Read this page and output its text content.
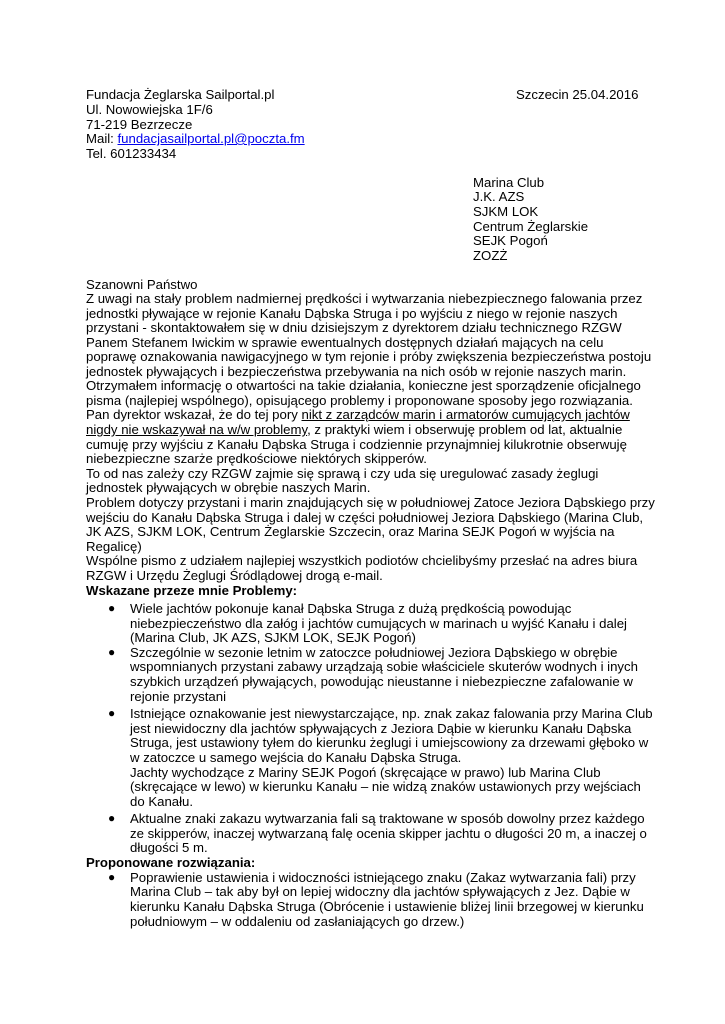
Fundacja Żeglarska Sailportal.pl
Ul. Nowowiejska 1F/6
71-219 Bezrzecze
Mail: fundacjasailportal.pl@poczta.fm
Tel. 601233434
Szczecin 25.04.2016
Marina Club
J.K. AZS
SJKM LOK
Centrum Żeglarskie
SEJK Pogoń
ZOZŻ
Szanowni Państwo
Z uwagi na stały problem nadmiernej prędkości i wytwarzania niebezpiecznego falowania przez
jednostki pływające w rejonie Kanału Dąbska Struga i po wyjściu z niego w rejonie naszych
przystani - skontaktowałem się w dniu dzisiejszym z dyrektorem działu technicznego RZGW
Panem Stefanem Iwickim w sprawie ewentualnych dostępnych działań mających na celu
poprawę oznakowania nawigacyjnego w tym rejonie i próby zwiększenia bezpieczeństwa postoju
jednostek pływających i bezpieczeństwa przebywania na nich osób w rejonie naszych marin.
Otrzymałem informację o otwartości na takie działania, konieczne jest sporządzenie oficjalnego
pisma (najlepiej wspólnego), opisującego problemy i proponowane sposoby jego rozwiązania.
Pan dyrektor wskazał, że do tej pory nikt z zarządców marin i armatorów cumujących jachtów
nigdy nie wskazywał na w/w problemy, z praktyki wiem i obserwuję problem od lat, aktualnie
cumuję przy wyjściu z Kanału Dąbska Struga i codziennie przynajmniej kilukrotnie obserwuję
niebezpieczne szarże prędkościowe niektórych skipperów.
To od nas zależy czy RZGW zajmie się sprawą i czy uda się uregulować zasady żeglugi
jednostek pływających w obrębie naszych Marin.
Problem dotyczy przystani i marin znajdujących się w południowej Zatoce Jeziora Dąbskiego przy
wejściu do Kanału Dąbska Struga i dalej w części południowej Jeziora Dąbskiego (Marina Club,
JK AZS, SJKM LOK, Centrum Żeglarskie Szczecin, oraz Marina SEJK Pogoń w wyjścia na
Regalicę)
Wspólne pismo z udziałem najlepiej wszystkich podiotów chcielibyśmy przesłać na adres biura
RZGW i Urzędu Żeglugi Śródlądowej drogą e-mail.
Wskazane przeze mnie Problemy:
● Wiele jachtów pokonuje kanał Dąbska Struga z dużą prędkością powodując
niebezpieczeństwo dla załóg i jachtów cumujących w marinach u wyjść Kanału i dalej
(Marina Club, JK AZS, SJKM LOK, SEJK Pogoń)
● Szczególnie w sezonie letnim w zatoczce południowej Jeziora Dąbskiego w obrębie
wspomnianych przystani zabawy urządzają sobie właściciele skuterów wodnych i inych
szybkich urządzeń pływających, powodując nieustanne i niebezpieczne zafalowanie w
rejonie przystani
● Istniejące oznakowanie jest niewystarczające, np. znak zakaz falowania przy Marina Club
jest niewidoczny dla jachtów spływających z Jeziora Dąbie w kierunku Kanału Dąbska
Struga, jest ustawiony tyłem do kierunku żeglugi i umiejscowiony za drzewami głęboko w
w zatoczce u samego wejścia do Kanału Dąbska Struga.
Jachty wychodzące z Mariny SEJK Pogoń (skręcające w prawo) lub Marina Club
(skręcające w lewo) w kierunku Kanału – nie widzą znaków ustawionych przy wejściach
do Kanału.
● Aktualne znaki zakazu wytwarzania fali są traktowane w sposób dowolny przez każdego
ze skipperów, inaczej wytwarzaną falę ocenia skipper jachtu o długości 20 m, a inaczej o
długości 5 m.
Proponowane rozwiązania:
● Poprawienie ustawienia i widoczności istniejącego znaku (Zakaz wytwarzania fali) przy
Marina Club – tak aby był on lepiej widoczny dla jachtów spływających z Jez. Dąbie w
kierunku Kanału Dąbska Struga (Obrócenie i ustawienie bliżej linii brzegowej w kierunku
południowym – w oddaleniu od zasłaniających go drzew.)
